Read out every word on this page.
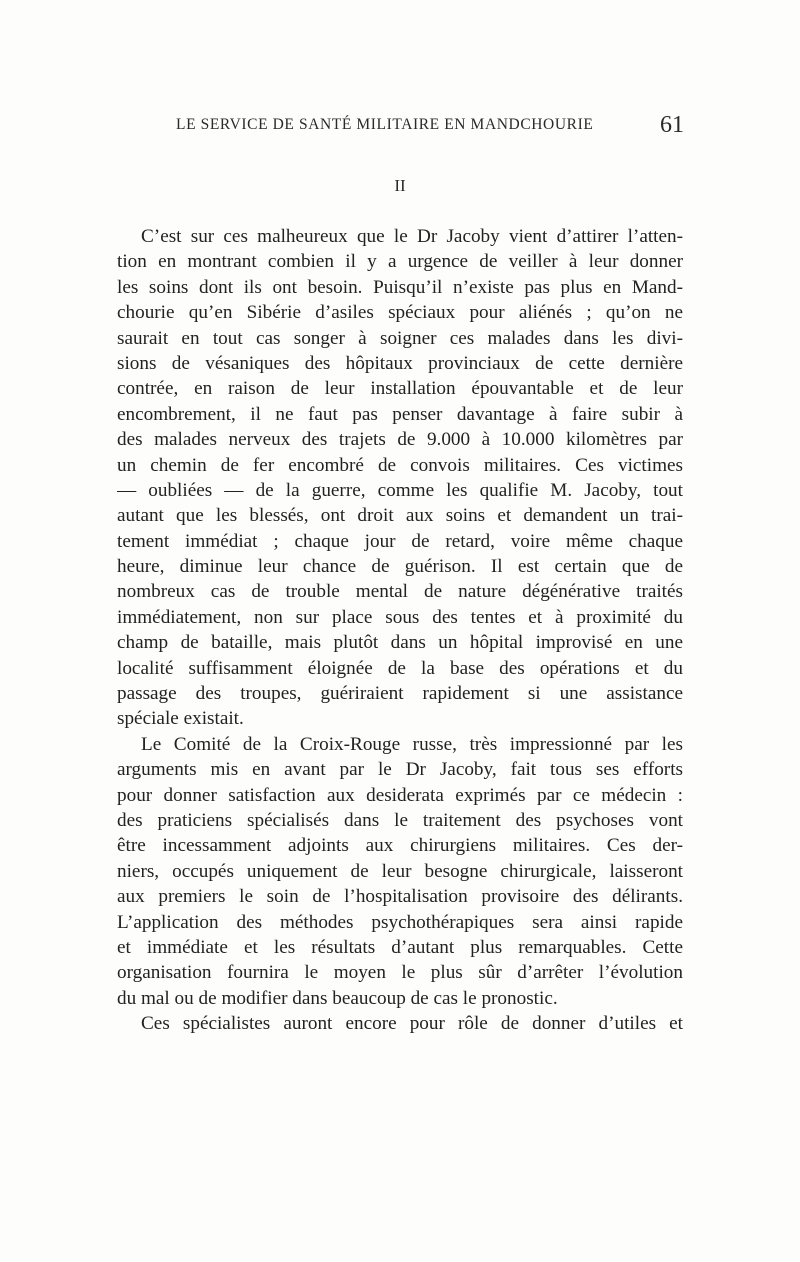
LE SERVICE DE SANTÉ MILITAIRE EN MANDCHOURIE	61
II
C’est sur ces malheureux que le Dr Jacoby vient d’attirer l’atten-
tion en montrant combien il y a urgence de veiller à leur donner
les soins dont ils ont besoin. Puisqu’il n’existe pas plus en Mand-
chourie qu’en Sibérie d’asiles spéciaux pour aliénés ; qu’on ne
saurait en tout cas songer à soigner ces malades dans les divi-
sions de vésaniques des hôpitaux provinciaux de cette dernière
contrée, en raison de leur installation épouvantable et de leur
encombrement, il ne faut pas penser davantage à faire subir à
des malades nerveux des trajets de 9.000 à 10.000 kilomètres par
un chemin de fer encombré de convois militaires. Ces victimes
— oubliées — de la guerre, comme les qualifie M. Jacoby, tout
autant que les blessés, ont droit aux soins et demandent un trai-
tement immédiat ; chaque jour de retard, voire même chaque
heure, diminue leur chance de guérison. Il est certain que de
nombreux cas de trouble mental de nature dégénérative traités
immédiatement, non sur place sous des tentes et à proximité du
champ de bataille, mais plutôt dans un hôpital improvisé en une
localité suffisamment éloignée de la base des opérations et du
passage des troupes, guériraient rapidement si une assistance
spéciale existait.
Le Comité de la Croix-Rouge russe, très impressionné par les
arguments mis en avant par le Dr Jacoby, fait tous ses efforts
pour donner satisfaction aux desiderata exprimés par ce médecin :
des praticiens spécialisés dans le traitement des psychoses vont
être incessamment adjoints aux chirurgiens militaires. Ces der-
niers, occupés uniquement de leur besogne chirurgicale, laisseront
aux premiers le soin de l’hospitalisation provisoire des délirants.
L’application des méthodes psychothérapiques sera ainsi rapide
et immédiate et les résultats d’autant plus remarquables. Cette
organisation fournira le moyen le plus sûr d’arrêter l’évolution
du mal ou de modifier dans beaucoup de cas le pronostic.
Ces spécialistes auront encore pour rôle de donner d’utiles et
